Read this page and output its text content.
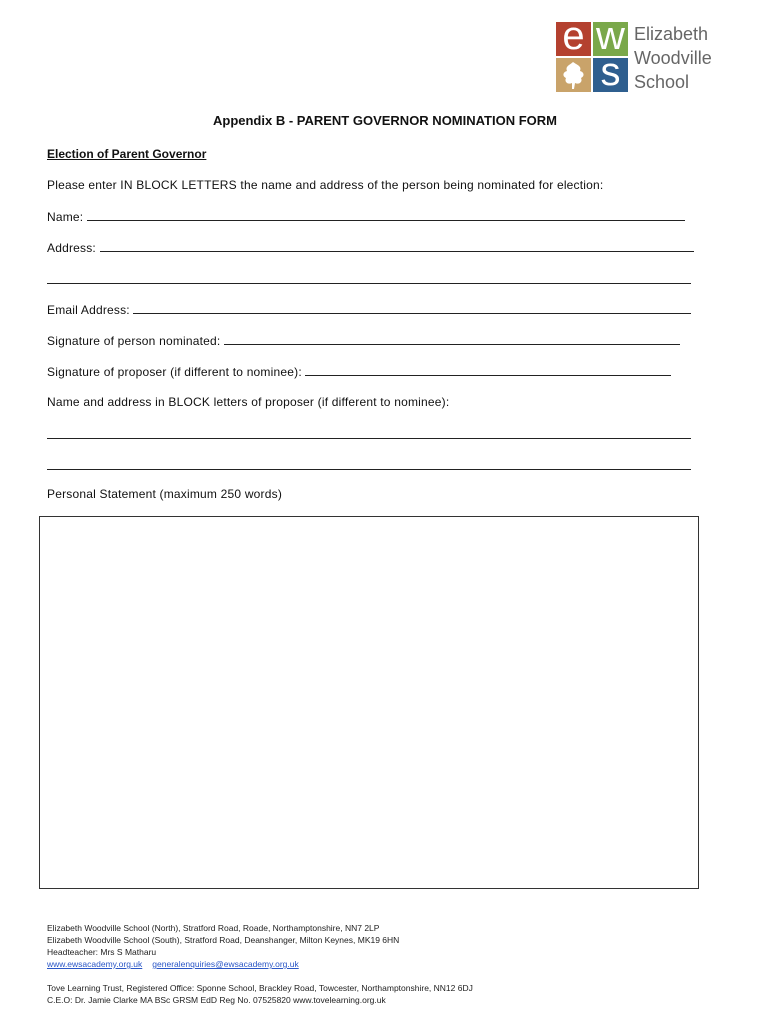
e w
s
Elizabeth
Woodville
School
Appendix B - PARENT GOVERNOR NOMINATION FORM
Election of Parent Governor
Please enter IN BLOCK LETTERS the name and address of the person being nominated for election:
Name:
Address:
Email Address:
Signature of person nominated:
Signature of proposer (if different to nominee):
Name and address in BLOCK letters of proposer (if different to nominee):
Personal Statement (maximum 250 words)
Elizabeth Woodville School (North), Stratford Road, Roade, Northamptonshire, NN7 2LP
Elizabeth Woodville School (South), Stratford Road, Deanshanger, Milton Keynes, MK19 6HN
Headteacher: Mrs S Matharu
www.ewsacademy.org.uk generalenquiries@ewsacademy.org.uk
Tove Learning Trust, Registered Office: Sponne School, Brackley Road, Towcester, Northamptonshire, NN12 6DJ
C.E.O: Dr. Jamie Clarke MA BSc GRSM EdD Reg No. 07525820 www.tovelearning.org.uk
